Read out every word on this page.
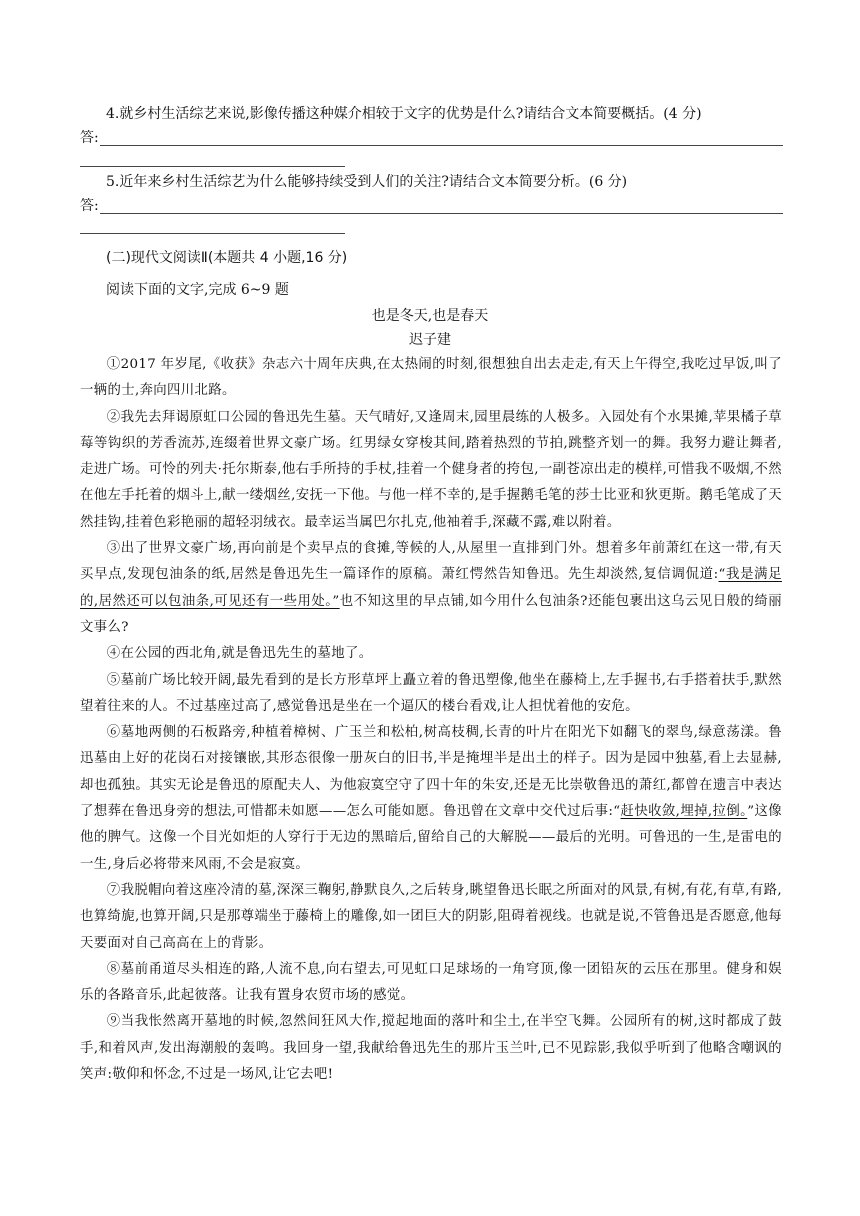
4.就乡村生活综艺来说,影像传播这种媒介相较于文字的优势是什么?请结合文本简要概括。(4 分)
答:
5.近年来乡村生活综艺为什么能够持续受到人们的关注?请结合文本简要分析。(6 分)
答:
(二)现代文阅读Ⅱ(本题共 4 小题,16 分)
阅读下面的文字,完成 6~9 题
也是冬天,也是春天
迟子建

①2017 年岁尾,《收获》杂志六十周年庆典,在太热闹的时刻,很想独自出去走走,有天上午得空,我吃过早饭,叫了一辆的士,奔向四川北路。

②我先去拜谒原虹口公园的鲁迅先生墓。天气晴好,又逢周末,园里晨练的人极多。入园处有个水果摊,苹果橘子草莓等钩织的芳香流苏,连缀着世界文豪广场。红男绿女穿梭其间,踏着热烈的节拍,跳整齐划一的舞。我努力避让舞者,走进广场。可怜的列夫·托尔斯泰,他右手所持的手杖,挂着一个健身者的挎包,一副苍凉出走的模样,可惜我不吸烟,不然在他左手托着的烟斗上,献一缕烟丝,安抚一下他。与他一样不幸的,是手握鹅毛笔的莎士比亚和狄更斯。鹅毛笔成了天然挂钩,挂着色彩艳丽的超轻羽绒衣。最幸运当属巴尔扎克,他袖着手,深藏不露,难以附着。

③出了世界文豪广场,再向前是个卖早点的食摊,等候的人,从屋里一直排到门外。想着多年前萧红在这一带,有天买早点,发现包油条的纸,居然是鲁迅先生一篇译作的原稿。萧红愕然告知鲁迅。先生却淡然,复信调侃道:“我是满足的,居然还可以包油条,可见还有一些用处。”也不知这里的早点铺,如今用什么包油条?还能包裹出这乌云见日般的绮丽文事么?

④在公园的西北角,就是鲁迅先生的墓地了。

⑤墓前广场比较开阔,最先看到的是长方形草坪上矗立着的鲁迅塑像,他坐在藤椅上,左手握书,右手搭着扶手,默然望着往来的人。不过基座过高了,感觉鲁迅是坐在一个逼仄的楼台看戏,让人担忧着他的安危。

⑥墓地两侧的石板路旁,种植着樟树、广玉兰和松柏,树高枝稠,长青的叶片在阳光下如翻飞的翠鸟,绿意荡漾。鲁迅墓由上好的花岗石对接镶嵌,其形态很像一册灰白的旧书,半是掩埋半是出土的样子。因为是园中独墓,看上去显赫,却也孤独。其实无论是鲁迅的原配夫人、为他寂寞空守了四十年的朱安,还是无比崇敬鲁迅的萧红,都曾在遗言中表达了想葬在鲁迅身旁的想法,可惜都未如愿——怎么可能如愿。鲁迅曾在文章中交代过后事:“赶快收敛,埋掉,拉倒。”这像他的脾气。这像一个目光如炬的人穿行于无边的黑暗后,留给自己的大解脱——最后的光明。可鲁迅的一生,是雷电的一生,身后必将带来风雨,不会是寂寞。

⑦我脱帽向着这座冷清的墓,深深三鞠躬,静默良久,之后转身,眺望鲁迅长眠之所面对的风景,有树,有花,有草,有路,也算绮旎,也算开阔,只是那尊端坐于藤椅上的雕像,如一团巨大的阴影,阻碍着视线。也就是说,不管鲁迅是否愿意,他每天要面对自己高高在上的背影。

⑧墓前甬道尽头相连的路,人流不息,向右望去,可见虹口足球场的一角穹顶,像一团铅灰的云压在那里。健身和娱乐的各路音乐,此起彼落。让我有置身农贸市场的感觉。

⑨当我怅然离开墓地的时候,忽然间狂风大作,搅起地面的落叶和尘土,在半空飞舞。公园所有的树,这时都成了鼓手,和着风声,发出海潮般的轰鸣。我回身一望,我献给鲁迅先生的那片玉兰叶,已不见踪影,我似乎听到了他略含嘲讽的笑声:敬仰和怀念,不过是一场风,让它去吧!
